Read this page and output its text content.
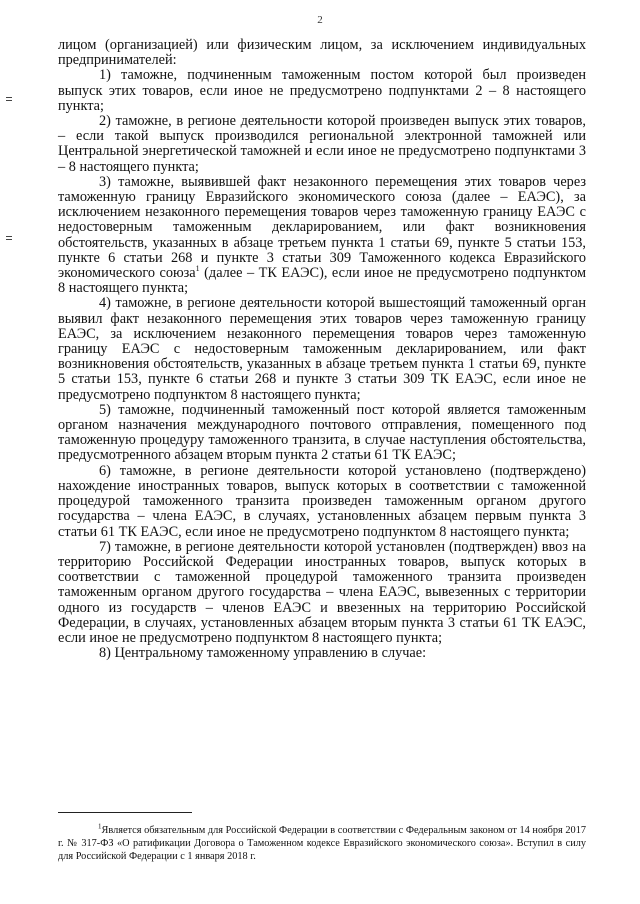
2

лицом (организацией) или физическим лицом, за исключением индивидуальных предпринимателей:

1) таможне, подчиненным таможенным постом которой был произведен выпуск этих товаров, если иное не предусмотрено подпунктами 2 – 8 настоящего пункта;

2) таможне, в регионе деятельности которой произведен выпуск этих товаров, – если такой выпуск производился региональной электронной таможней или Центральной энергетической таможней и если иное не предусмотрено подпунктами 3 – 8 настоящего пункта;

3) таможне, выявившей факт незаконного перемещения этих товаров через таможенную границу Евразийского экономического союза (далее – ЕАЭС), за исключением незаконного перемещения товаров через таможенную границу ЕАЭС с недостоверным таможенным декларированием, или факт возникновения обстоятельств, указанных в абзаце третьем пункта 1 статьи 69, пункте 5 статьи 153, пункте 6 статьи 268 и пункте 3 статьи 309 Таможенного кодекса Евразийского экономического союза$^1$ (далее – ТК ЕАЭС), если иное не предусмотрено подпунктом 8 настоящего пункта;

4) таможне, в регионе деятельности которой вышестоящий таможенный орган выявил факт незаконного перемещения этих товаров через таможенную границу ЕАЭС, за исключением незаконного перемещения товаров через таможенную границу ЕАЭС с недостоверным таможенным декларированием, или факт возникновения обстоятельств, указанных в абзаце третьем пункта 1 статьи 69, пункте 5 статьи 153, пункте 6 статьи 268 и пункте 3 статьи 309 ТК ЕАЭС, если иное не предусмотрено подпунктом 8 настоящего пункта;

5) таможне, подчиненный таможенный пост которой является таможенным органом назначения международного почтового отправления, помещенного под таможенную процедуру таможенного транзита, в случае наступления обстоятельства, предусмотренного абзацем вторым пункта 2 статьи 61 ТК ЕАЭС;

6) таможне, в регионе деятельности которой установлено (подтверждено) нахождение иностранных товаров, выпуск которых в соответствии с таможенной процедурой таможенного транзита произведен таможенным органом другого государства – члена ЕАЭС, в случаях, установленных абзацем первым пункта 3 статьи 61 ТК ЕАЭС, если иное не предусмотрено подпунктом 8 настоящего пункта;

7) таможне, в регионе деятельности которой установлен (подтвержден) ввоз на территорию Российской Федерации иностранных товаров, выпуск которых в соответствии с таможенной процедурой таможенного транзита произведен таможенным органом другого государства – члена ЕАЭС, вывезенных с территории одного из государств – членов ЕАЭС и ввезенных на территорию Российской Федерации, в случаях, установленных абзацем вторым пункта 3 статьи 61 ТК ЕАЭС, если иное не предусмотрено подпунктом 8 настоящего пункта;

8) Центральному таможенному управлению в случае:

$^1$Является обязательным для Российской Федерации в соответствии с Федеральным законом от 14 ноября 2017 г. № 317-ФЗ «О ратификации Договора о Таможенном кодексе Евразийского экономического союза». Вступил в силу для Российской Федерации с 1 января 2018 г.
